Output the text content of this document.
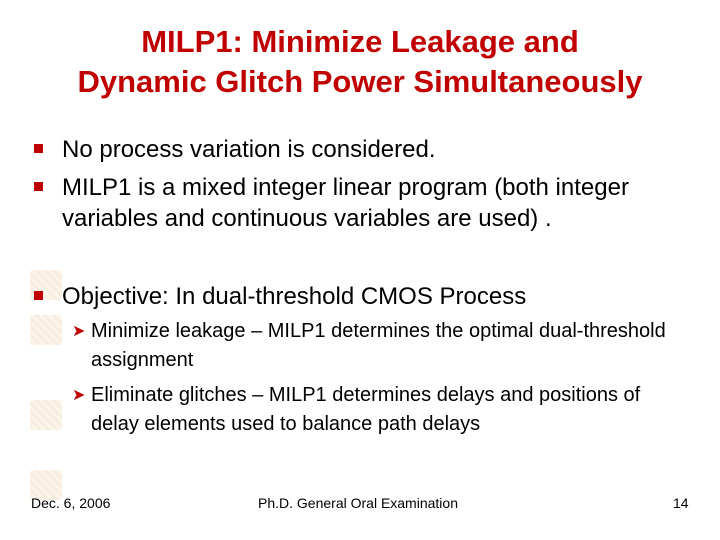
MILP1: Minimize Leakage and
Dynamic Glitch Power Simultaneously
No process variation is considered.
MILP1 is a mixed integer linear program (both integer variables and continuous variables are used) .
Objective: In dual-threshold CMOS Process
➤ Minimize leakage – MILP1 determines the optimal dual-threshold assignment
➤ Eliminate glitches – MILP1 determines delays and positions of delay elements used to balance path delays
Dec. 6, 2006	Ph.D. General Oral Examination	14
